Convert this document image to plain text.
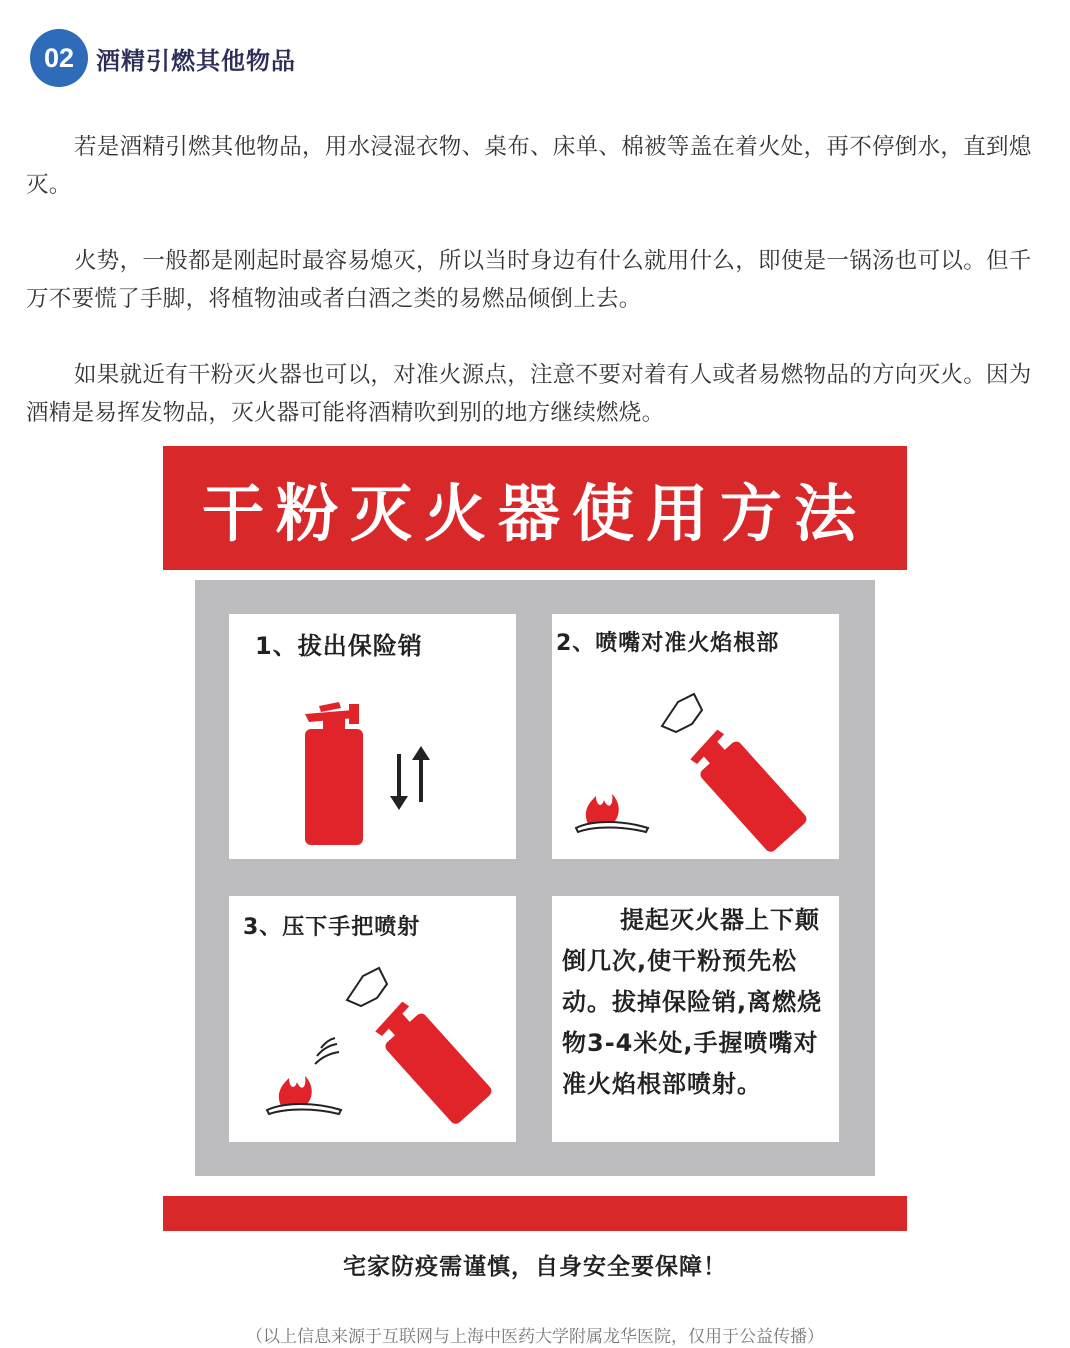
02 酒精引燃其他物品

若是酒精引燃其他物品，用水浸湿衣物、桌布、床单、棉被等盖在着火处，再不停倒水，直到熄灭。

火势，一般都是刚起时最容易熄灭，所以当时身边有什么就用什么，即使是一锅汤也可以。但千万不要慌了手脚，将植物油或者白酒之类的易燃品倾倒上去。

如果就近有干粉灭火器也可以，对准火源点，注意不要对着有人或者易燃物品的方向灭火。因为酒精是易挥发物品，灭火器可能将酒精吹到别的地方继续燃烧。

干粉灭火器使用方法
1、拔出保险销	2、喷嘴对准火焰根部
3、压下手把喷射	提起灭火器上下颠倒几次,使干粉预先松动。拔掉保险销,离燃烧物3-4米处,手握喷嘴对准火焰根部喷射。
宅家防疫需谨慎，自身安全要保障！
（以上信息来源于互联网与上海中医药大学附属龙华医院，仅用于公益传播）
